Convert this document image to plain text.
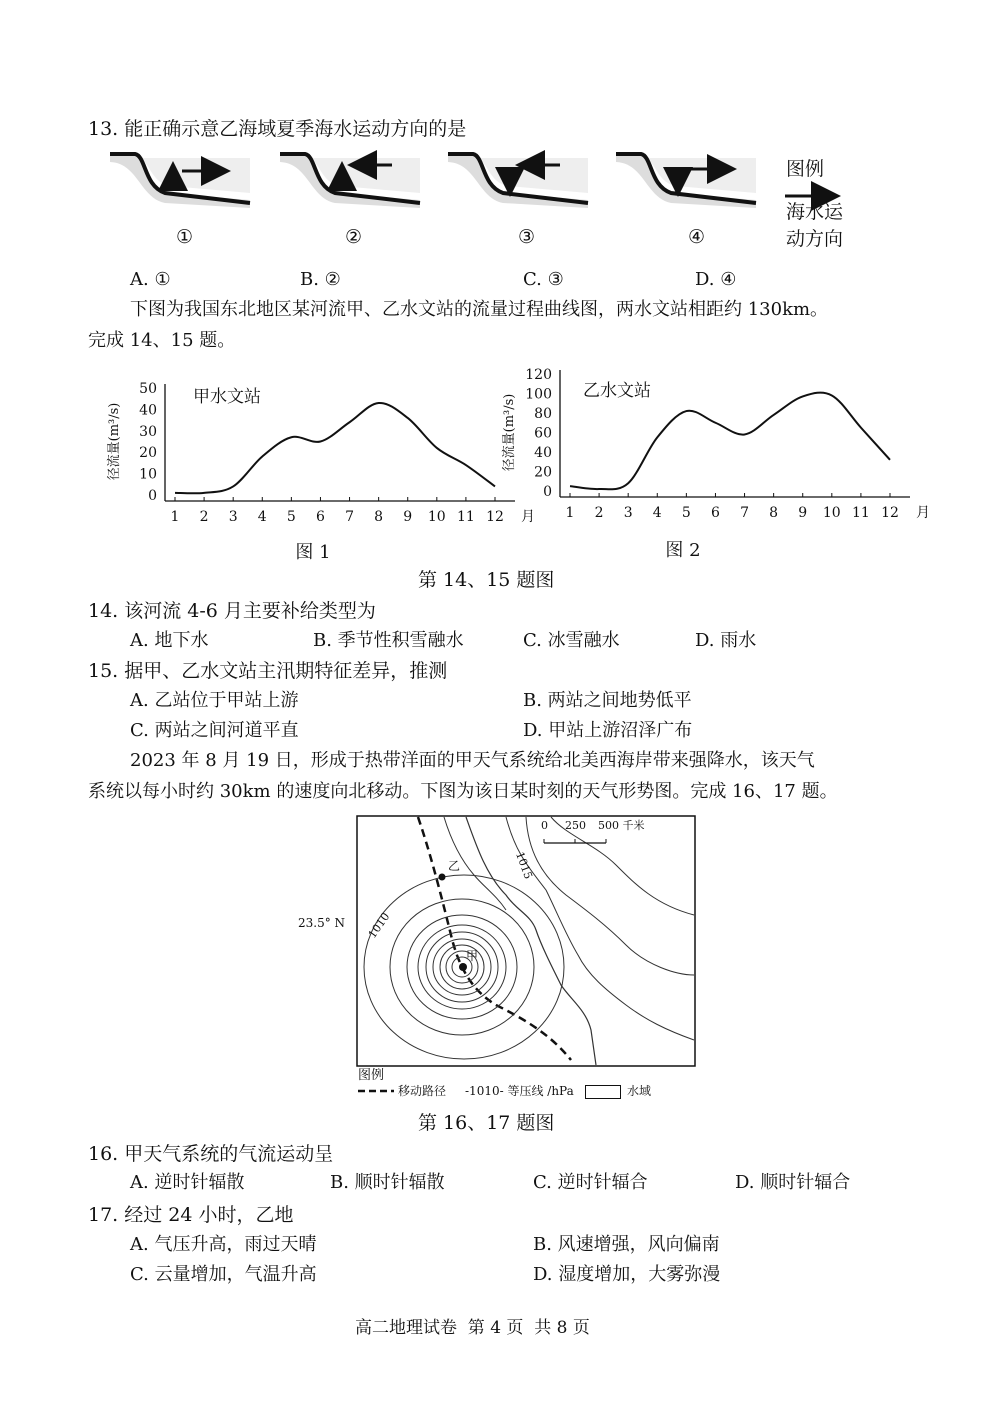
13. 能正确示意乙海域夏季海水运动方向的是
①	②	③	④
图例
海水运
动方向
A. ①	B. ②	C. ③	D. ④
下图为我国东北地区某河流甲、乙水文站的流量过程曲线图，两水文站相距约 130km。
完成 14、15 题。
0
10
20
30
40
50
1 2 3 4 5 6 7 8 9 10 11 12 月
径流量(m³/s)
甲水文站
图 1
0
20
40
60
80
100
120
1 2 3 4 5 6 7 8 9 10 11 12 月
径流量(m³/s)
乙水文站
图 2
第 14、15 题图
14. 该河流 4-6 月主要补给类型为
A. 地下水	B. 季节性积雪融水	C. 冰雪融水	D. 雨水
15. 据甲、乙水文站主汛期特征差异，推测
A. 乙站位于甲站上游	B. 两站之间地势低平
C. 两站之间河道平直	D. 甲站上游沼泽广布
2023 年 8 月 19 日，形成于热带洋面的甲天气系统给北美西海岸带来强降水，该天气
系统以每小时约 30km 的速度向北移动。下图为该日某时刻的天气形势图。完成 16、17 题。
23.5° N
0 250 500 千米
1015
1010
乙
甲
图例
移动路径 -1010- 等压线 /hPa	水域
第 16、17 题图
16. 甲天气系统的气流运动呈
A. 逆时针辐散	B. 顺时针辐散	C. 逆时针辐合	D. 顺时针辐合
17. 经过 24 小时，乙地
A. 气压升高，雨过天晴	B. 风速增强，风向偏南
C. 云量增加，气温升高	D. 湿度增加，大雾弥漫
高二地理试卷  第 4 页  共 8 页
